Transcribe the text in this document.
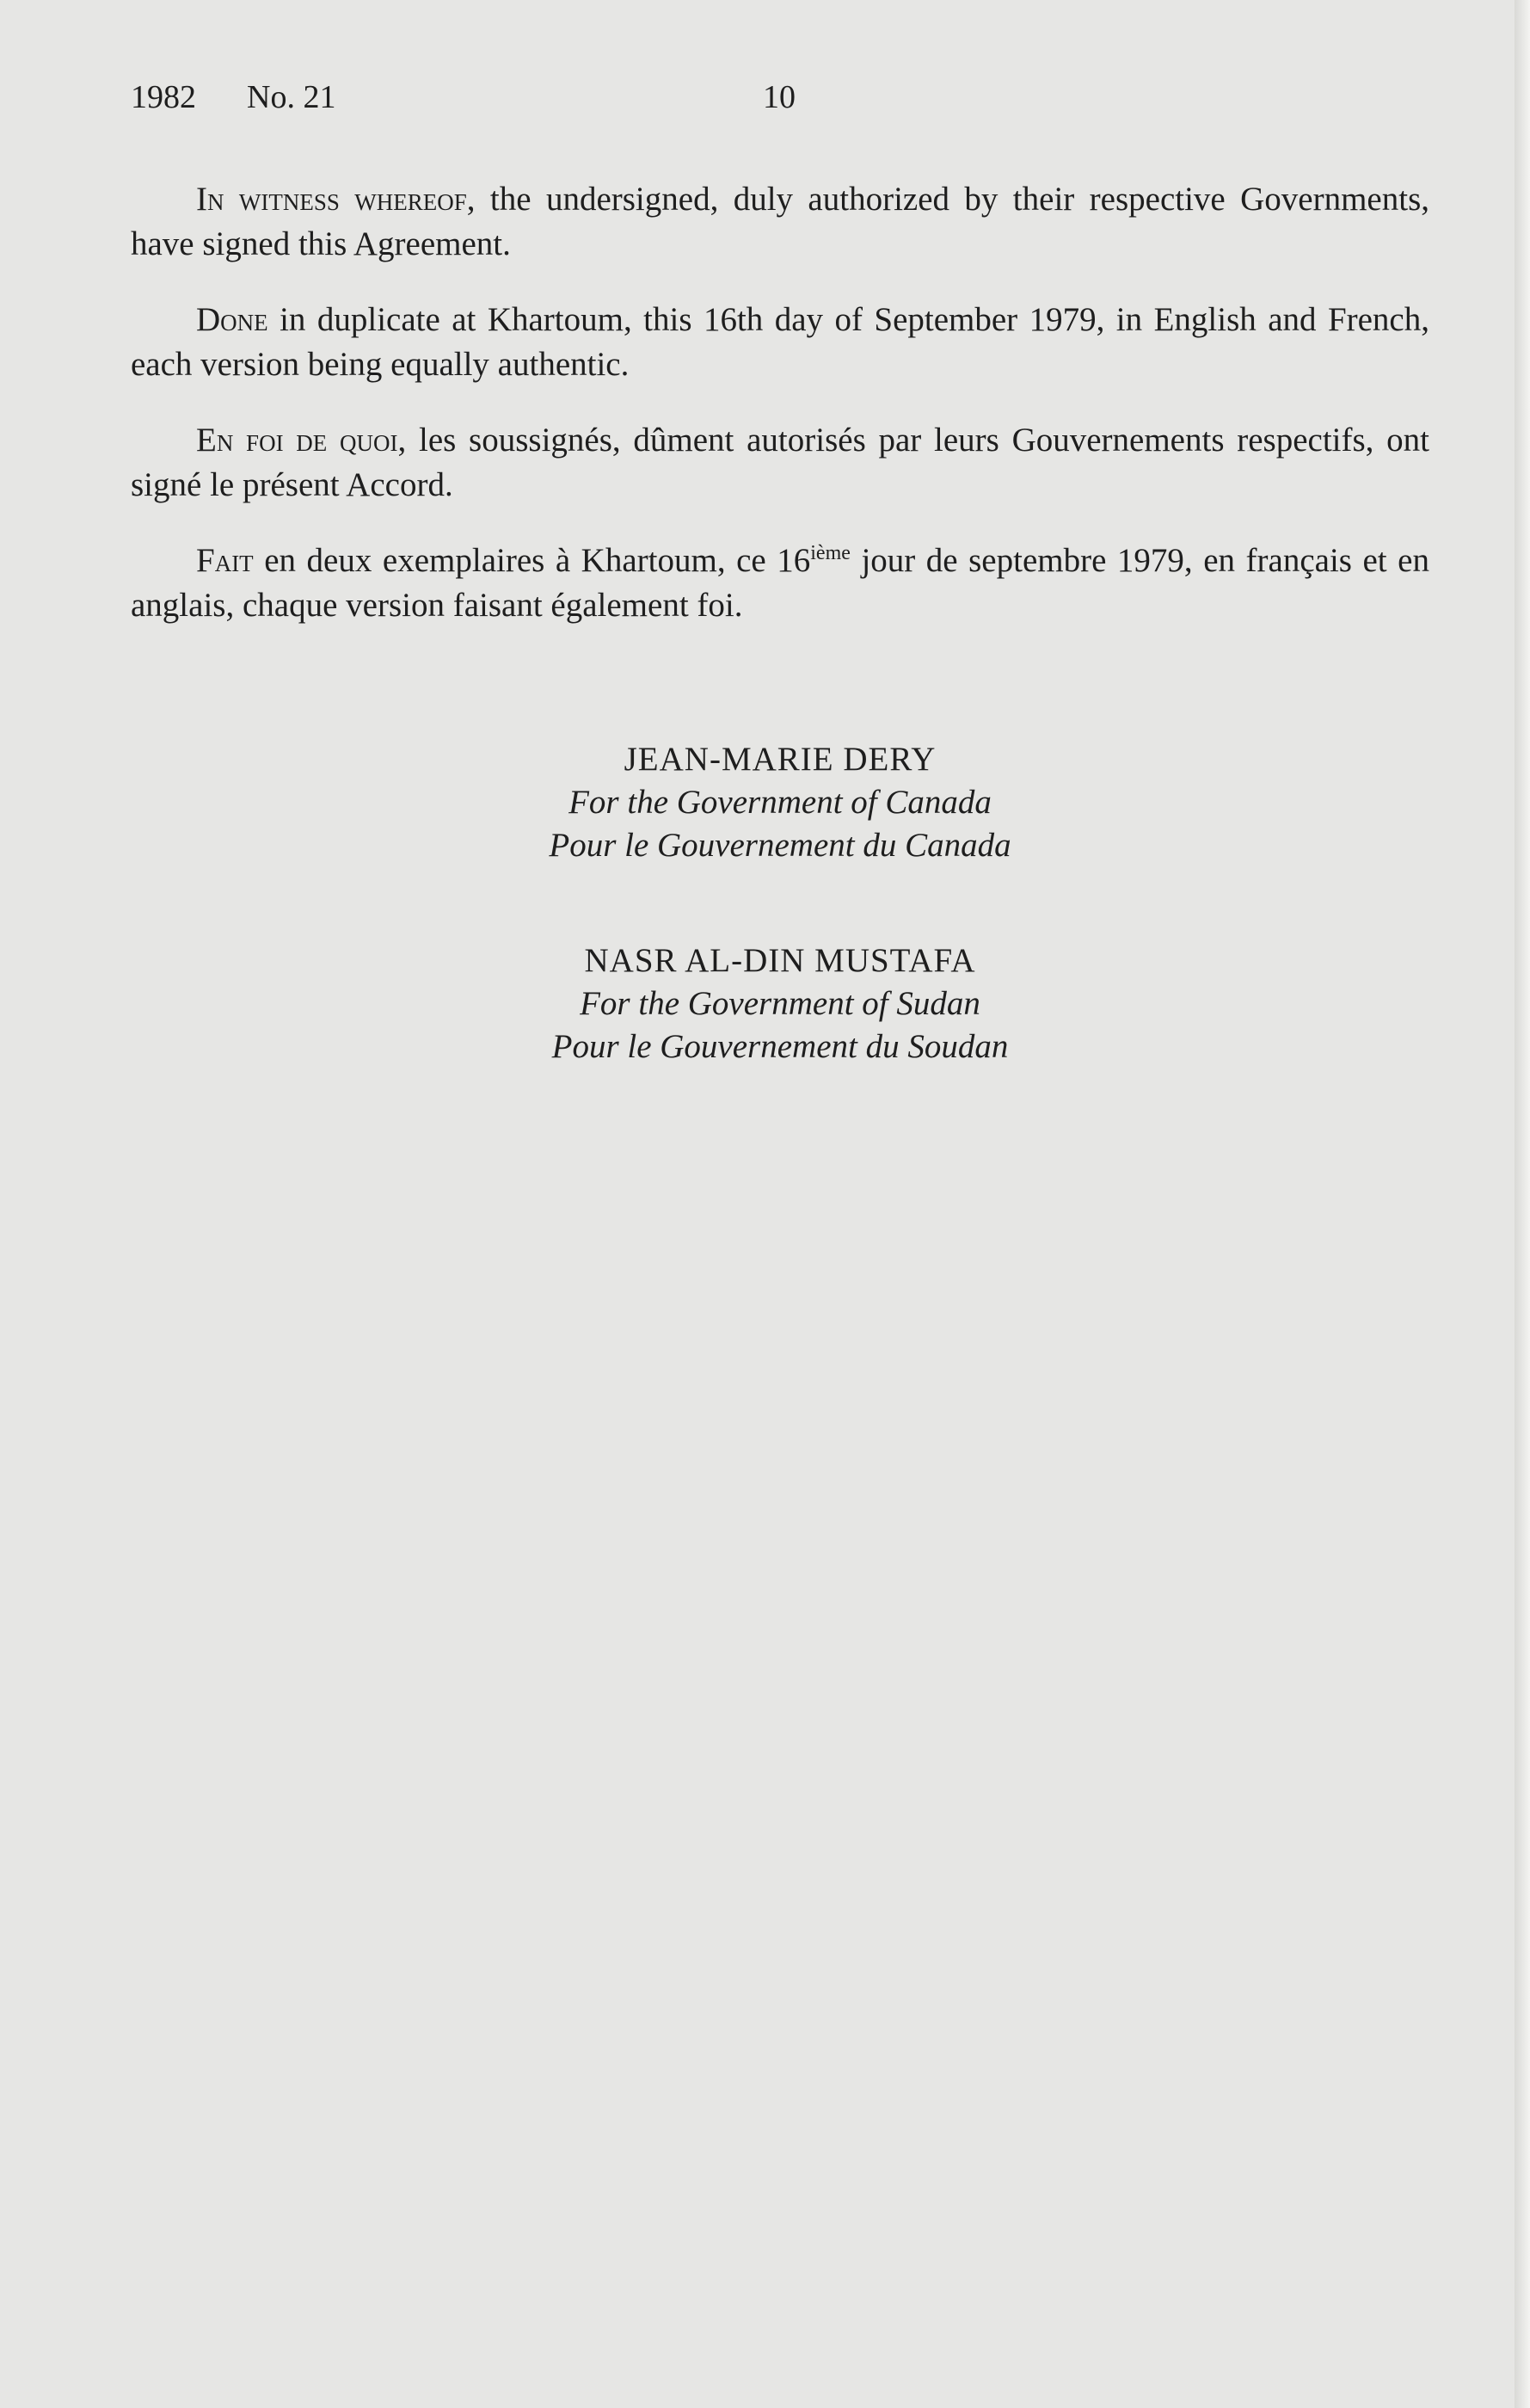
1982 No. 21	10

In witness whereof, the undersigned, duly authorized by their respective Governments, have signed this Agreement.

Done in duplicate at Khartoum, this 16th day of September 1979, in English and French, each version being equally authentic.

En foi de quoi, les soussignés, dûment autorisés par leurs Gouvernements respectifs, ont signé le présent Accord.

Fait en deux exemplaires à Khartoum, ce 16ième jour de septembre 1979, en français et en anglais, chaque version faisant également foi.

JEAN-MARIE DERY
For the Government of Canada
Pour le Gouvernement du Canada
NASR AL-DIN MUSTAFA
For the Government of Sudan
Pour le Gouvernement du Soudan
